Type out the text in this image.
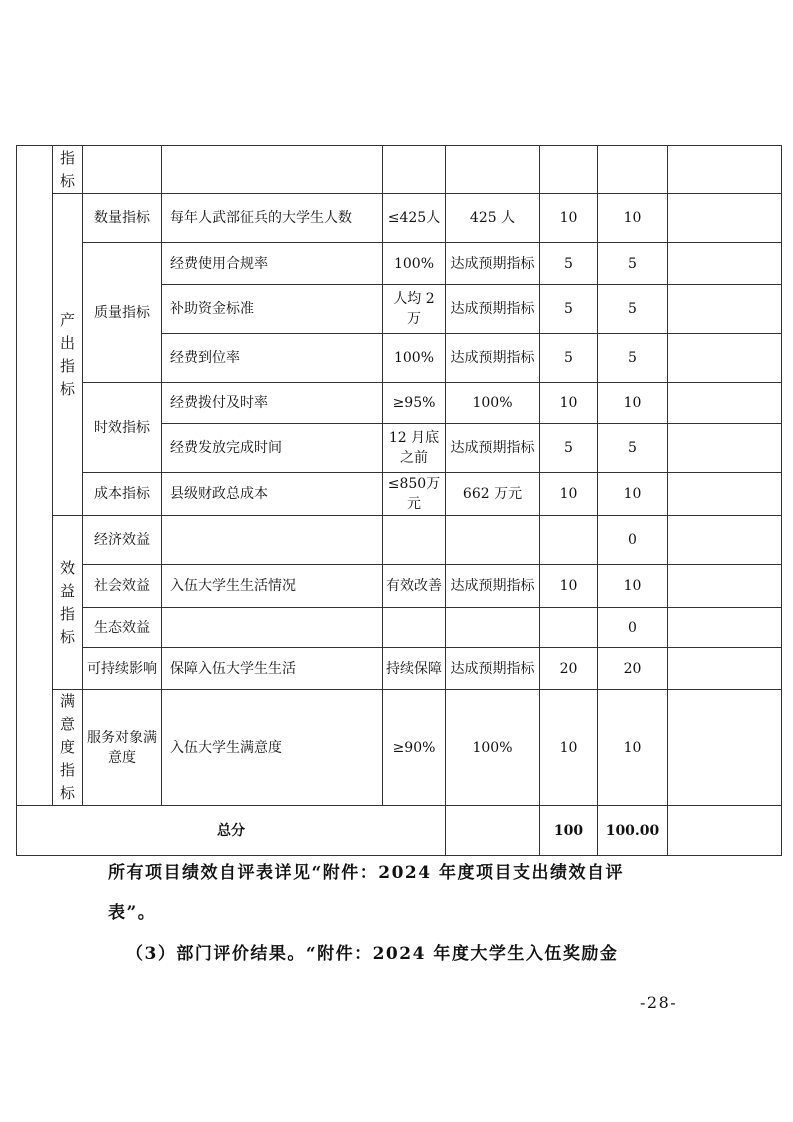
	指标							
	产出指标	数量指标	每年人武部征兵的大学生人数	≤425人	425 人	10	10	
		质量指标	经费使用合规率	100%	达成预期指标	5	5	
			补助资金标准	人均 2 万	达成预期指标	5	5	
			经费到位率	100%	达成预期指标	5	5	
		时效指标	经费拨付及时率	≥95%	100%	10	10	
			经费发放完成时间	12 月底之前	达成预期指标	5	5	
		成本指标	县级财政总成本	≤850万元	662 万元	10	10	
	效益指标	经济效益					0	
		社会效益	入伍大学生生活情况	有效改善	达成预期指标	10	10	
		生态效益					0	
		可持续影响	保障入伍大学生生活	持续保障	达成预期指标	20	20	
	满意度指标	服务对象满意度	入伍大学生满意度	≥90%	100%	10	10	
总分						100	100.00	

所有项目绩效自评表详见“附件：2024 年度项目支出绩效自评

表”。

（3）部门评价结果。“附件：2024 年度大学生入伍奖励金

-28-
